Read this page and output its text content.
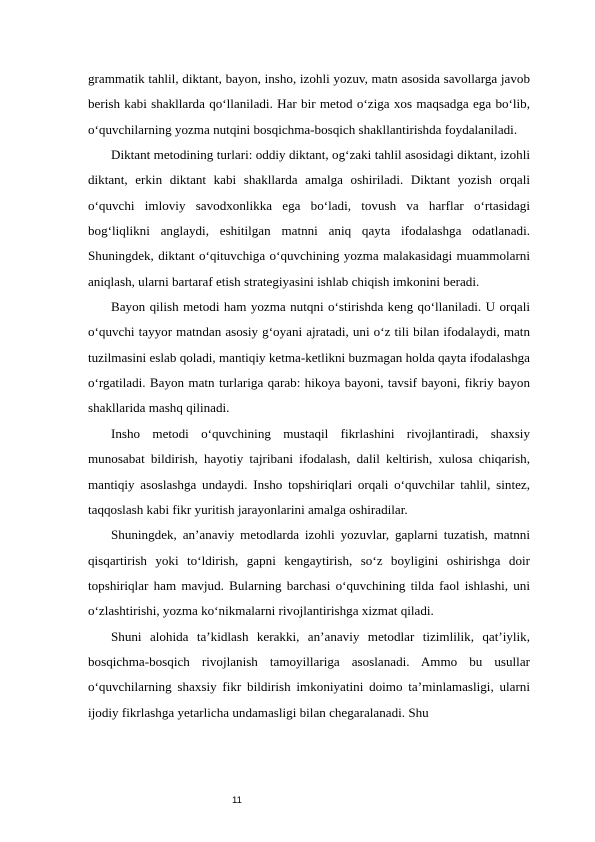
grammatik tahlil, diktant, bayon, insho, izohli yozuv, matn asosida savollarga javob berish kabi shakllarda qo‘llaniladi. Har bir metod o‘ziga xos maqsadga ega bo‘lib, o‘quvchilarning yozma nutqini bosqichma-bosqich shakllantirishda foydalaniladi.

Diktant metodining turlari: oddiy diktant, og‘zaki tahlil asosidagi diktant, izohli diktant, erkin diktant kabi shakllarda amalga oshiriladi. Diktant yozish orqali o‘quvchi imloviy savodxonlikka ega bo‘ladi, tovush va harflar o‘rtasidagi bog‘liqlikni anglaydi, eshitilgan matnni aniq qayta ifodalashga odatlanadi. Shuningdek, diktant o‘qituvchiga o‘quvchining yozma malakasidagi muammolarni aniqlash, ularni bartaraf etish strategiyasini ishlab chiqish imkonini beradi.

Bayon qilish metodi ham yozma nutqni o‘stirishda keng qo‘llaniladi. U orqali o‘quvchi tayyor matndan asosiy g‘oyani ajratadi, uni o‘z tili bilan ifodalaydi, matn tuzilmasini eslab qoladi, mantiqiy ketma-ketlikni buzmagan holda qayta ifodalashga o‘rgatiladi. Bayon matn turlariga qarab: hikoya bayoni, tavsif bayoni, fikriy bayon shakllarida mashq qilinadi.

Insho metodi o‘quvchining mustaqil fikrlashini rivojlantiradi, shaxsiy munosabat bildirish, hayotiy tajribani ifodalash, dalil keltirish, xulosa chiqarish, mantiqiy asoslashga undaydi. Insho topshiriqlari orqali o‘quvchilar tahlil, sintez, taqqoslash kabi fikr yuritish jarayonlarini amalga oshiradilar.

Shuningdek, an’anaviy metodlarda izohli yozuvlar, gaplarni tuzatish, matnni qisqartirish yoki to‘ldirish, gapni kengaytirish, so‘z boyligini oshirishga doir topshiriqlar ham mavjud. Bularning barchasi o‘quvchining tilda faol ishlashi, uni o‘zlashtirishi, yozma ko‘nikmalarni rivojlantirishga xizmat qiladi.

Shuni alohida ta’kidlash kerakki, an’anaviy metodlar tizimlilik, qat’iylik, bosqichma-bosqich rivojlanish tamoyillariga asoslanadi. Ammo bu usullar o‘quvchilarning shaxsiy fikr bildirish imkoniyatini doimo ta’minlamasligi, ularni ijodiy fikrlashga yetarlicha undamasligi bilan chegaralanadi. Shu

11
